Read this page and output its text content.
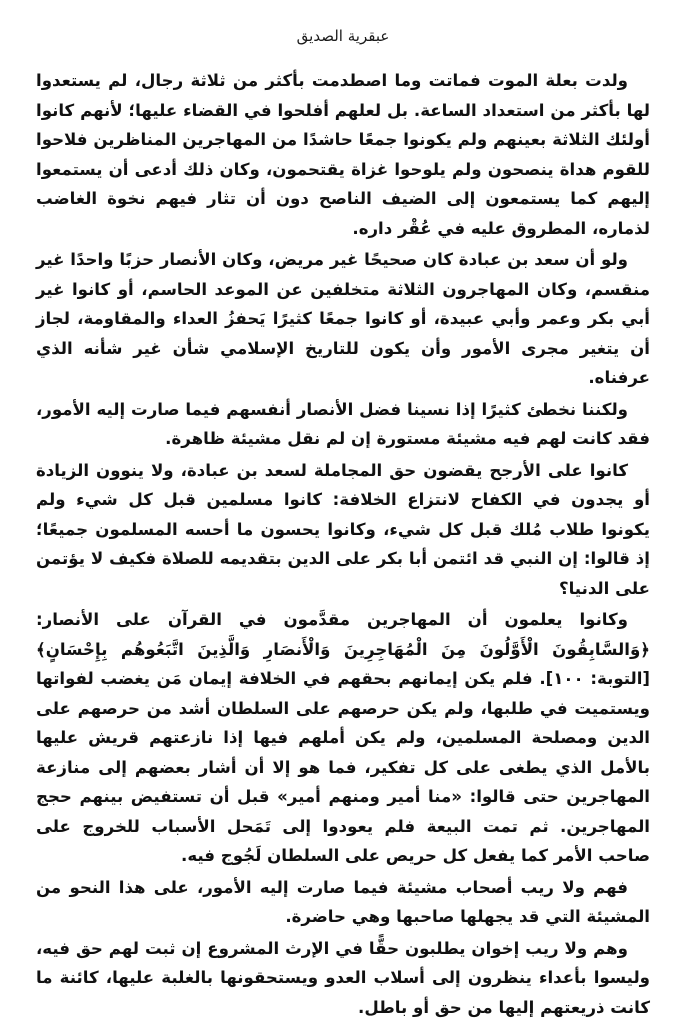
عبقرية الصديق

ولدت بعلة الموت فماتت وما اصطدمت بأكثر من ثلاثة رجال، لم يستعدوا لها بأكثر من استعداد الساعة. بل لعلهم أفلحوا في القضاء عليها؛ لأنهم كانوا أولئك الثلاثة بعينهم ولم يكونوا جمعًا حاشدًا من المهاجرين المناظرين فلاحوا للقوم هداة ينصحون ولم يلوحوا غزاة يقتحمون، وكان ذلك أدعى أن يستمعوا إليهم كما يستمعون إلى الضيف الناصح دون أن تثار فيهم نخوة الغاضب لذماره، المطروق عليه في عُقْر داره.

ولو أن سعد بن عبادة كان صحيحًا غير مريض، وكان الأنصار حزبًا واحدًا غير منقسم، وكان المهاجرون الثلاثة متخلفين عن الموعد الحاسم، أو كانوا غير أبي بكر وعمر وأبي عبيدة، أو كانوا جمعًا كثيرًا يَحفزُ العداء والمقاومة، لجاز أن يتغير مجرى الأمور وأن يكون للتاريخ الإسلامي شأن غير شأنه الذي عرفناه.

ولكننا نخطئ كثيرًا إذا نسينا فضل الأنصار أنفسهم فيما صارت إليه الأمور، فقد كانت لهم فيه مشيئة مستورة إن لم نقل مشيئة ظاهرة.

كانوا على الأرجح يقضون حق المجاملة لسعد بن عبادة، ولا ينوون الزيادة أو يجدون في الكفاح لانتزاع الخلافة: كانوا مسلمين قبل كل شيء ولم يكونوا طلاب مُلك قبل كل شيء، وكانوا يحسون ما أحسه المسلمون جميعًا؛ إذ قالوا: إن النبي قد ائتمن أبا بكر على الدين بتقديمه للصلاة فكيف لا يؤتمن على الدنيا؟

وكانوا يعلمون أن المهاجرين مقدَّمون في القرآن على الأنصار: ﴿وَالسَّابِقُونَ الْأَوَّلُونَ مِنَ الْمُهَاجِرِينَ وَالْأَنصَارِ وَالَّذِينَ اتَّبَعُوهُم بِإِحْسَانٍ﴾ [التوبة: ١٠٠]. فلم يكن إيمانهم بحقهم في الخلافة إيمان مَن يغضب لفواتها ويستميت في طلبها، ولم يكن حرصهم على السلطان أشد من حرصهم على الدين ومصلحة المسلمين، ولم يكن أملهم فيها إذا نازعتهم قريش عليها بالأمل الذي يطغى على كل تفكير، فما هو إلا أن أشار بعضهم إلى منازعة المهاجرين حتى قالوا: «منا أمير ومنهم أمير» قبل أن تستفيض بينهم حجج المهاجرين. ثم تمت البيعة فلم يعودوا إلى تَمَحل الأسباب للخروج على صاحب الأمر كما يفعل كل حريص على السلطان لَجُوج فيه.

فهم ولا ريب أصحاب مشيئة فيما صارت إليه الأمور، على هذا النحو من المشيئة التي قد يجهلها صاحبها وهي حاضرة.

وهم ولا ريب إخوان يطلبون حقًّا في الإرث المشروع إن ثبت لهم حق فيه، وليسوا بأعداء ينظرون إلى أسلاب العدو ويستحقونها بالغلبة عليها، كائنة ما كانت ذريعتهم إليها من حق أو باطل.
